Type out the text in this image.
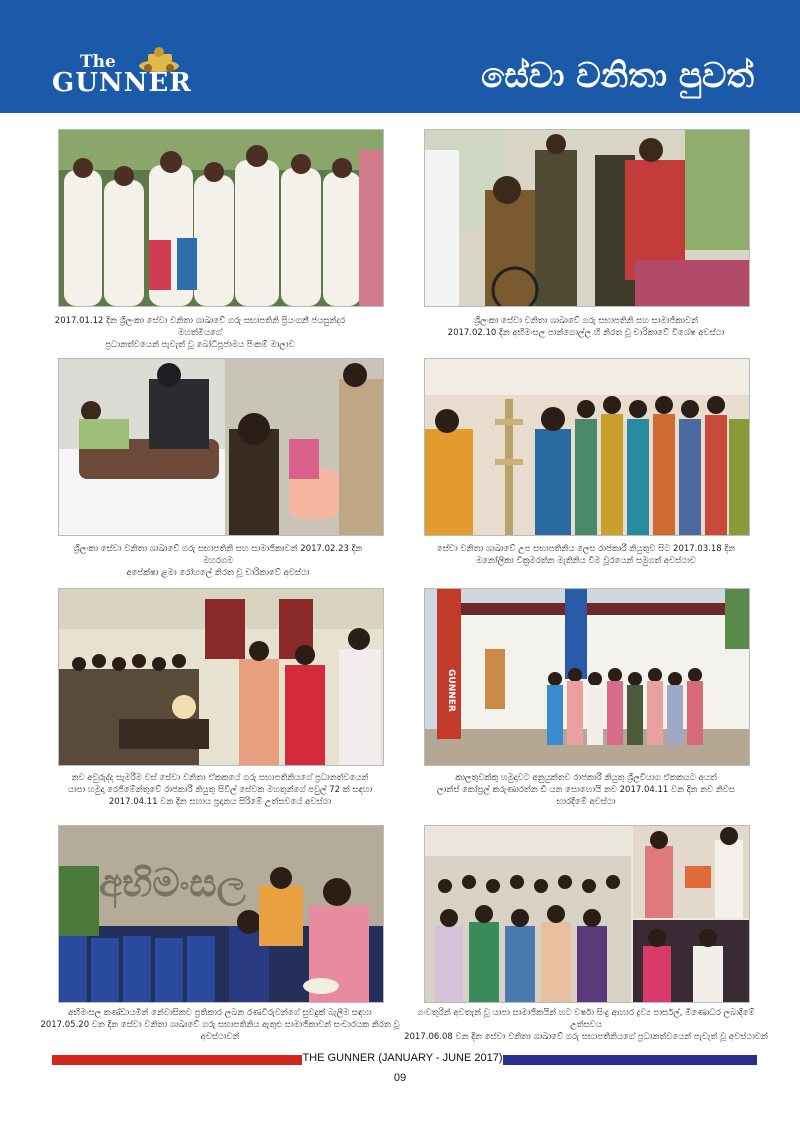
The
GUNNER	සේවා වනිතා පුවත්
2017.01.12 දින ශ්‍රීලංකා සේවා වනිතා ශාඛාවේ ගරු සභාපතිනි ප්‍රියංගනී ජයසුන්දර මහත්මියගේ
ප්‍රධානත්වයෙන් පැවැත් වූ බෝධිපූජාමය පිංකම් මාලාව
ශ්‍රීලංකා සේවා වනිතා ශාඛාවේ ගරු සභාපතිනි සහ සාමාජිකාවන්
2017.02.10 දින අභිමංසල පාන්ගොල්ල හි නිරත වූ චාරිකාවේ විශේෂ අවස්ථා
ශ්‍රීලංකා සේවා වනිතා ශාඛාවේ ගරු සභාපතිනි සහ සාමාජිකාවන් 2017.02.23 දින මහරගම
අපේක්ෂා ළමා රෝහලේ නිරත වූ චාරිකාවේ අවස්ථා
සේවා වනිතා ශාඛාවේ උප සභාපතිනිය ලෙස රාජකාරී නියුතුව සිට 2017.03.18 දින
මනෝලිකා වික්‍රමරත්න මැතිනිය වීම වූරයෙන් සමුගත් අවස්ථාව
නව අවුරුද්ද සැමරීම වස් සේවා වනිතා ඒකකයේ ගරු සභාපතිනියගේ ප්‍රධානත්වයෙන්
යාපා හමුදා රෙජිමේන්තුවේ රාජකාරී නියුතු සිවිල් සේවක මහතුන්ගේ පවුල් 72 ක් සඳහා
2017.04.11 වන දින සහාය ප්‍රදානය සිරිමේ උත්සවයේ අවස්ථා
GUNNER
කාලතුවක්කු හමුදාවට අනුයුක්තව රාජකාරී නියුතු ශ්‍රීලවියාග ඒකකයට අයත්
ලාන්ස් කෝප්‍රල් කරුණාරත්න ඩී යන සොහොයි නව 2017.04.11 වන දින නව නිවස භාරදීමේ අවස්ථා
අභිමංසල
අභිමංසල කණ්ඩායමින් නේවාසිකව ප්‍රතිකාර ලබන රණවිරුවන්ගේ සුවදුක් බැලීම සඳහා
2017.05.20 වන දින සේවා වනිතා ශාඛාවේ ගරු සභාපතිනිය ඇතුළු සාමාජිකාවන් සංචාරයක නිරත වූ අවස්ථාවන්
ගංවතුරින් අවතැන් වූ යාපා සාමාජිකයින් හට වර්ෂා සිංදු ආහාර ද්‍රව්‍ය පාර්සල්, මිණොධර ලබාදීමේ උත්සවය
2017.06.08 වන දින සේවා වනිතා ශාඛාවේ ගරු සභාපතිනියගේ ප්‍රධානත්වයෙන් පැවැත් වූ අවස්ථාවන්
THE GUNNER (JANUARY - JUNE 2017)
09
